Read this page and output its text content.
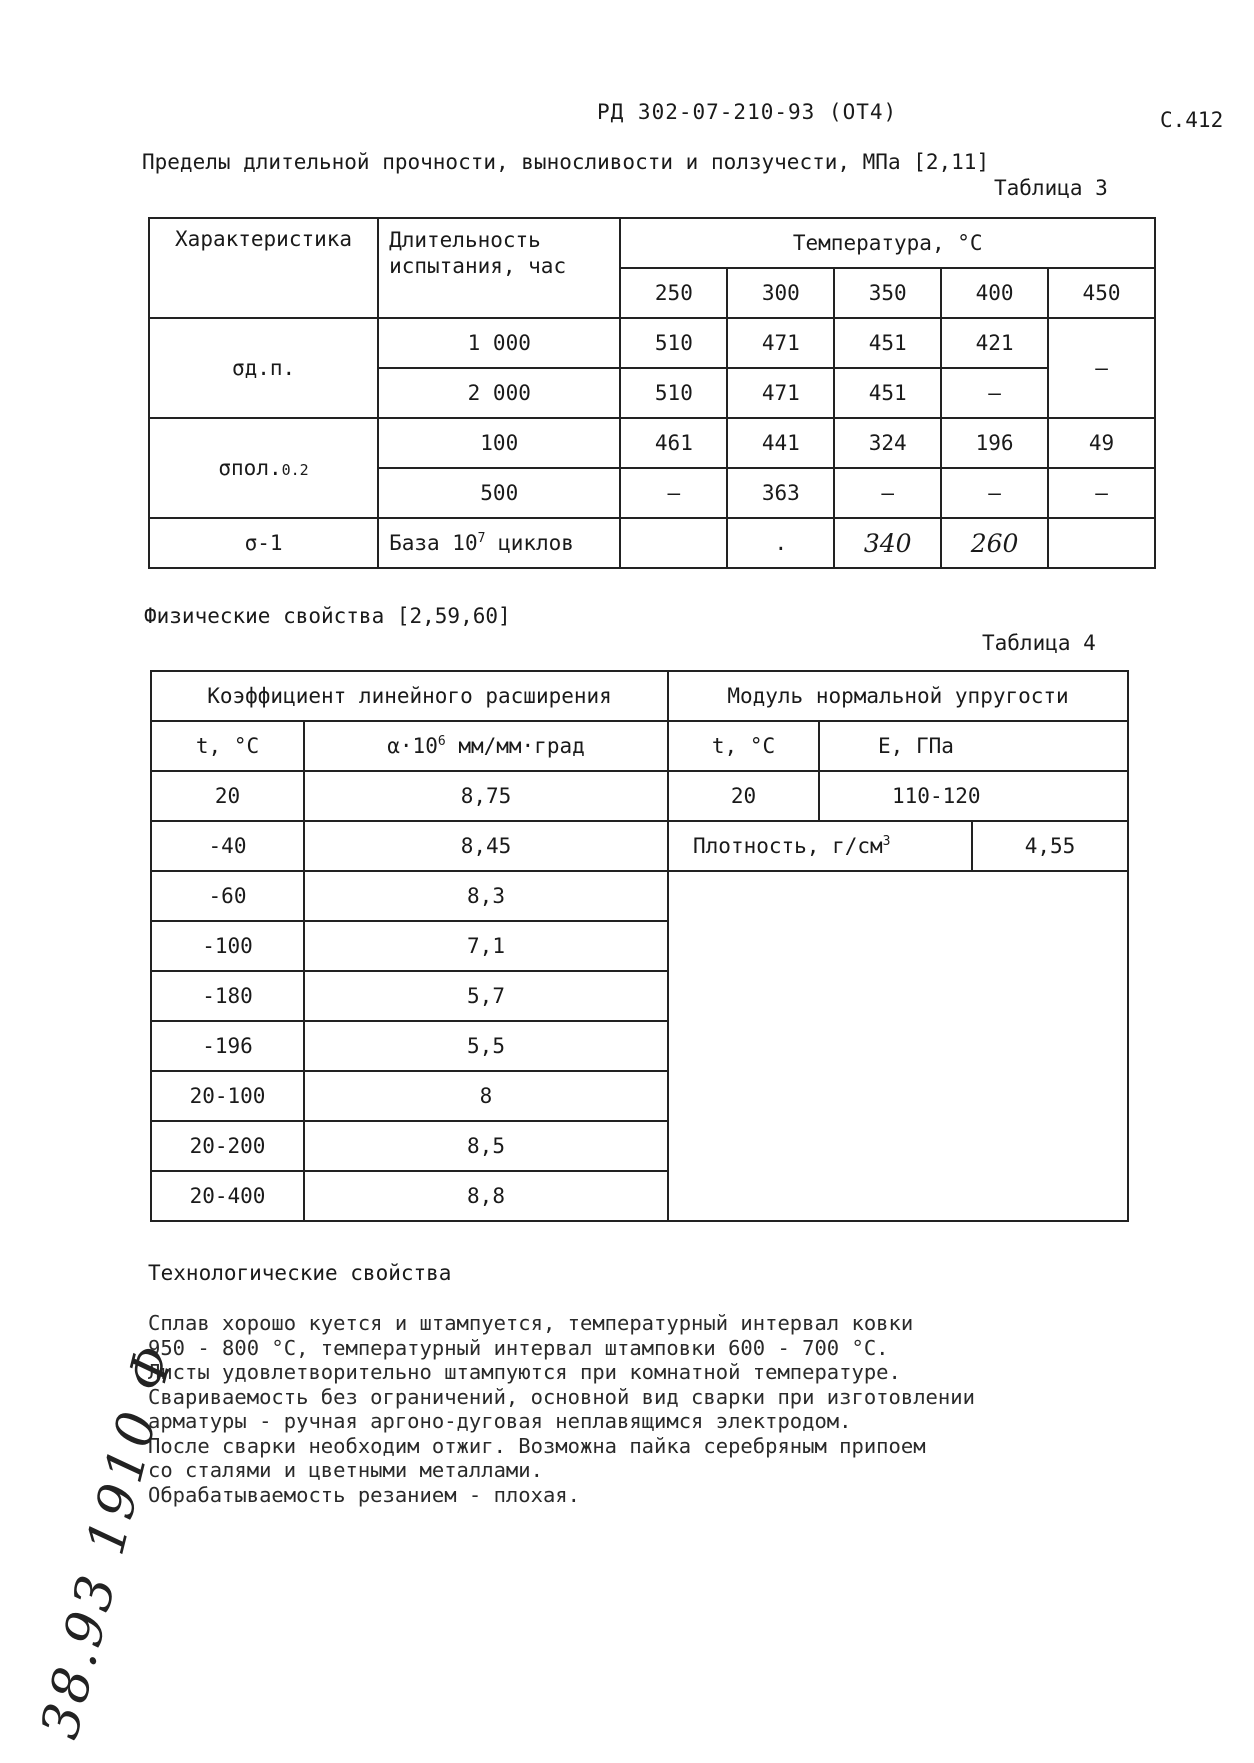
РД 302-07-210-93 (ОТ4)	С.412
Пределы длительной прочности, выносливости и ползучести, МПа [2,11]
Таблица 3
Характеристика	Длительность испытания, час	Температура, °С				
		250	300	350	400	450
σд.п.	1 000	510	471	451	421	–
	2 000	510	471	451	–	
σпол.0.2	100	461	441	324	196	49
	500	–	363	–	–	–
σ-1	База $10^7$ циклов		.	340	260	
Физические свойства [2,59,60]
Таблица 4
Коэффициент линейного расширения		Модуль нормальной упругости		
t, °С	$\alpha\cdot 10^6$ мм/мм·град	t, °С	E, ГПа	
20	8,75	20	110-120	
-40	8,45	Плотность, $г/см^3$		4,55
-60	8,3			
-100	7,1			
-180	5,7			
-196	5,5			
20-100	8			
20-200	8,5			
20-400	8,8			
Технологические свойства
Сплав хорошо куется и штампуется, температурный интервал ковки
950 - 800 °С, температурный интервал штамповки 600 - 700 °С.
Листы удовлетворительно штампуются при комнатной температуре.
Свариваемость без ограничений, основной вид сварки при изготовлении
арматуры - ручная аргоно-дуговая неплавящимся электродом.
После сварки необходим отжиг. Возможна пайка серебряным припоем
со сталями и цветными металлами.
Обрабатываемость резанием - плохая.
38.93 1910 Ф
